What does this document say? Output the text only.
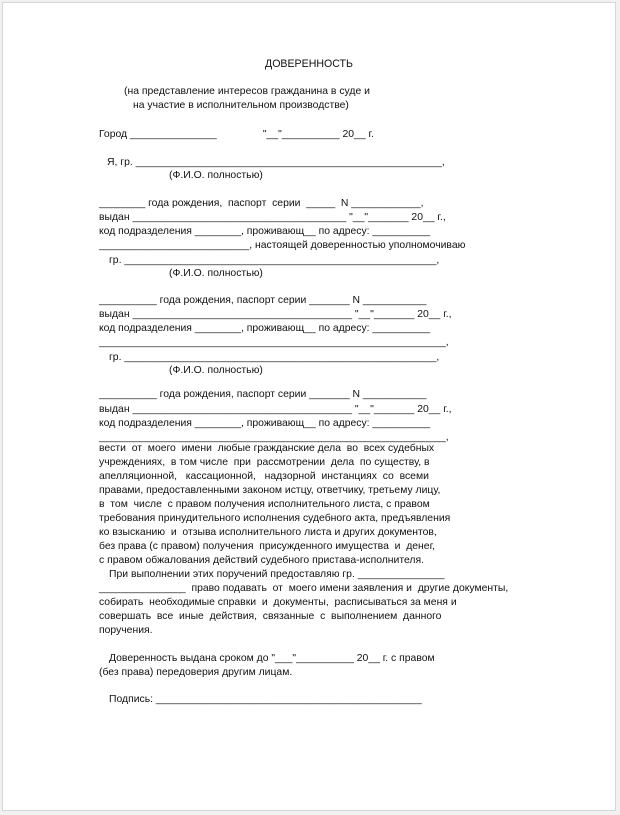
ДОВЕРЕННОСТЬ
(на представление интересов гражданина в суде и
на участие в исполнительном производстве)
Город _______________                "__"__________ 20__ г.
Я, гр. _____________________________________________________,
(Ф.И.О. полностью)
________ года рождения,  паспорт  серии  _____  N ____________,
выдан _____________________________________ "__"_______ 20__ г.,
код подразделения ________, проживающ__ по адресу: __________
__________________________, настоящей доверенностью уполномочиваю
гр. ______________________________________________________,
(Ф.И.О. полностью)
__________ года рождения, паспорт серии _______ N ___________
выдан ______________________________________ "__"_______ 20__ г.,
код подразделения ________, проживающ__ по адресу: __________
____________________________________________________________,
гр. ______________________________________________________,
(Ф.И.О. полностью)
__________ года рождения, паспорт серии _______ N ___________
выдан ______________________________________ "__"_______ 20__ г.,
код подразделения ________, проживающ__ по адресу: __________
____________________________________________________________,
вести  от  моего  имени  любые гражданские дела  во  всех судебных
учреждениях,  в том числе  при  рассмотрении  дела  по существу, в
апелляционной,   кассационной,   надзорной  инстанциях  со  всеми
правами, предоставленными законом истцу, ответчику, третьему лицу,
в  том  числе  с правом получения исполнительного листа, с правом
требования принудительного исполнения судебного акта, предъявления
ко взысканию  и  отзыва исполнительного листа и других документов,
без права (с правом) получения  присужденного имущества  и  денег,
с правом обжалования действий судебного пристава-исполнителя.
При выполнении этих поручений предоставляю гр. _______________
_______________  право подавать  от  моего имени заявления и  другие документы,
собирать  необходимые справки  и  документы,  расписываться за меня и
совершать  все  иные  действия,  связанные  с  выполнением  данного
поручения.
Доверенность выдана сроком до "___"__________ 20__ г. с правом
(без права) передоверия другим лицам.
Подпись: ______________________________________________
